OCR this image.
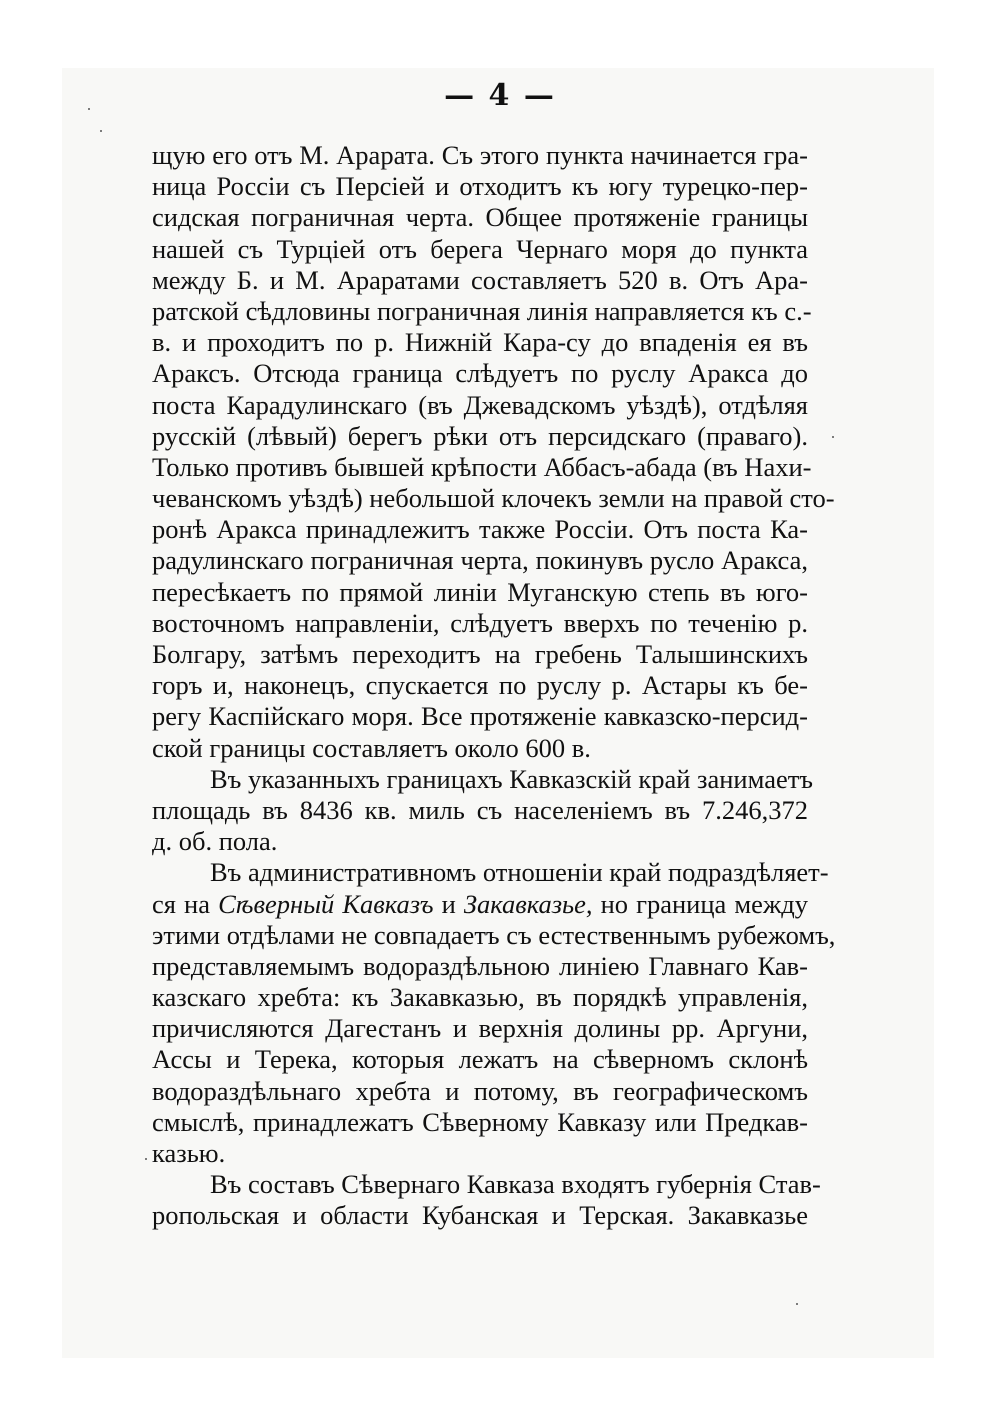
— 4 —
щую его отъ М. Арарата. Съ этого пункта начинается гра-
ница Россіи съ Персіей и отходитъ къ югу турецко-пер-
сидская пограничная черта. Общее протяженіе границы
нашей съ Турціей отъ берега Чернаго моря до пункта
между Б. и М. Араратами составляетъ 520 в. Отъ Ара-
ратской сѣдловины пограничная линія направляется къ с.-
в. и проходитъ по р. Нижній Кара-су до впаденія ея въ
Араксъ. Отсюда граница слѣдуетъ по руслу Аракса до
поста Карадулинскаго (въ Джевадскомъ уѣздѣ), отдѣляя
русскій (лѣвый) берегъ рѣки отъ персидскаго (праваго).
Только противъ бывшей крѣпости Аббасъ-абада (въ Нахи-
чеванскомъ уѣздѣ) небольшой клочекъ земли на правой сто-
ронѣ Аракса принадлежитъ также Россіи. Отъ поста Ка-
радулинскаго пограничная черта, покинувъ русло Аракса,
пересѣкаетъ по прямой линіи Муганскую степь въ юго-
восточномъ направленіи, слѣдуетъ вверхъ по теченію р.
Болгару, затѣмъ переходитъ на гребень Талышинскихъ
горъ и, наконецъ, спускается по руслу р. Астары къ бе-
регу Каспійскаго моря. Все протяженіе кавказско-персид-
ской границы составляетъ около 600 в.
Въ указанныхъ границахъ Кавказскій край занимаетъ
площадь въ 8436 кв. миль съ населеніемъ въ 7.246,372
д. об. пола.
Въ административномъ отношеніи край подраздѣляет-
ся на Сѣверный Кавказъ и Закавказье, но граница между
этими отдѣлами не совпадаетъ съ естественнымъ рубежомъ,
представляемымъ водораздѣльною линіею Главнаго Кав-
казскаго хребта: къ Закавказью, въ порядкѣ управленія,
причисляются Дагестанъ и верхнія долины рр. Аргуни,
Ассы и Терека, которыя лежатъ на сѣверномъ склонѣ
водораздѣльнаго хребта и потому, въ географическомъ
смыслѣ, принадлежатъ Сѣверному Кавказу или Предкав-
казью.
Въ составъ Сѣвернаго Кавказа входятъ губернія Став-
ропольская и области Кубанская и Терская. Закавказье
